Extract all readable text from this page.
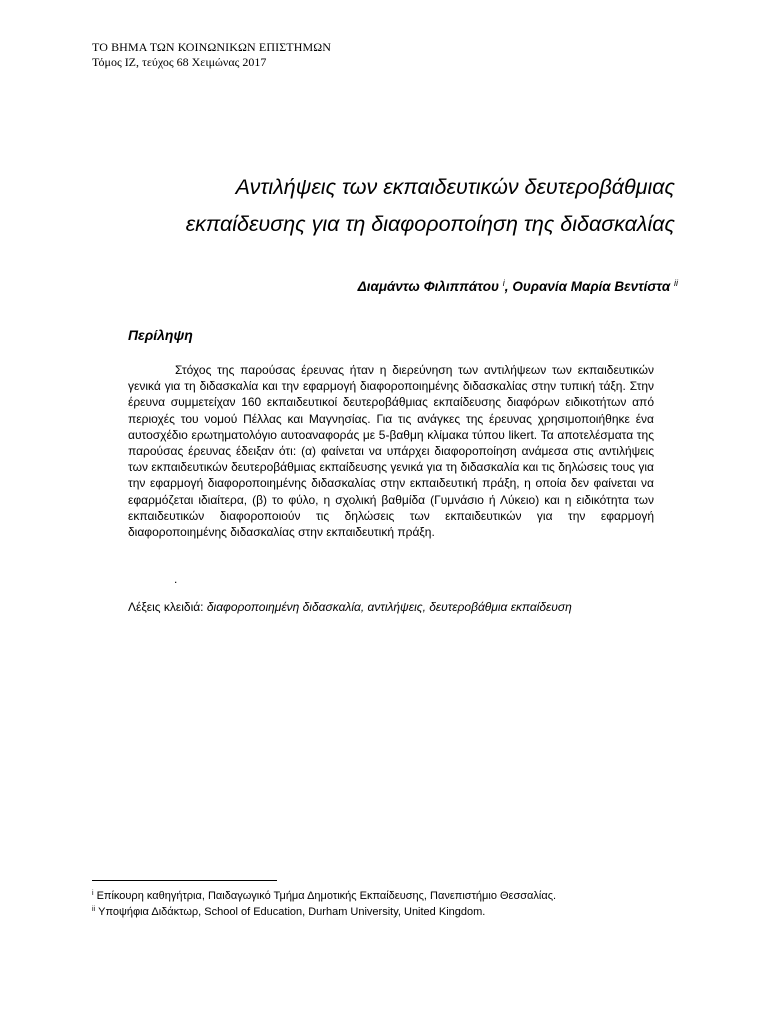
ΤΟ ΒΗΜΑ ΤΩΝ ΚΟΙΝΩΝΙΚΩΝ ΕΠΙΣΤΗΜΩΝ
Τόμος ΙΖ, τεύχος 68 Χειμώνας 2017
Αντιλήψεις των εκπαιδευτικών δευτεροβάθμιας
εκπαίδευσης για τη διαφοροποίηση της διδασκαλίας
Διαμάντω Φιλιππάτου $^i$, Ουρανία Μαρία Βεντίστα $^{ii}$
Περίληψη

Στόχος της παρούσας έρευνας ήταν η διερεύνηση των αντιλήψεων των εκπαιδευτικών γενικά για τη διδασκαλία και την εφαρμογή διαφοροποιημένης διδασκαλίας στην τυπική τάξη. Στην έρευνα συμμετείχαν 160 εκπαιδευτικοί δευτεροβάθμιας εκπαίδευσης διαφόρων ειδικοτήτων από περιοχές του νομού Πέλλας και Μαγνησίας. Για τις ανάγκες της έρευνας χρησιμοποιήθηκε ένα αυτοσχέδιο ερωτηματολόγιο αυτοαναφοράς με 5-βαθμη κλίμακα τύπου likert. Τα αποτελέσματα της παρούσας έρευνας έδειξαν ότι: (α) φαίνεται να υπάρχει διαφοροποίηση ανάμεσα στις αντιλήψεις των εκπαιδευτικών δευτεροβάθμιας εκπαίδευσης γενικά για τη διδασκαλία και τις δηλώσεις τους για την εφαρμογή διαφοροποιημένης διδασκαλίας στην εκπαιδευτική πράξη, η οποία δεν φαίνεται να εφαρμόζεται ιδιαίτερα, (β) το φύλο, η σχολική βαθμίδα (Γυμνάσιο ή Λύκειο) και η ειδικότητα των εκπαιδευτικών διαφοροποιούν τις δηλώσεις των εκπαιδευτικών για την εφαρμογή διαφοροποιημένης διδασκαλίας στην εκπαιδευτική πράξη.

.

Λέξεις κλειδιά: διαφοροποιημένη διδασκαλία, αντιλήψεις, δευτεροβάθμια εκπαίδευση

$^i$ Επίκουρη καθηγήτρια, Παιδαγωγικό Τμήμα Δημοτικής Εκπαίδευσης, Πανεπιστήμιο Θεσσαλίας.
$^{ii}$ Υποψήφια Διδάκτωρ, School of Education, Durham University, United Kingdom.
